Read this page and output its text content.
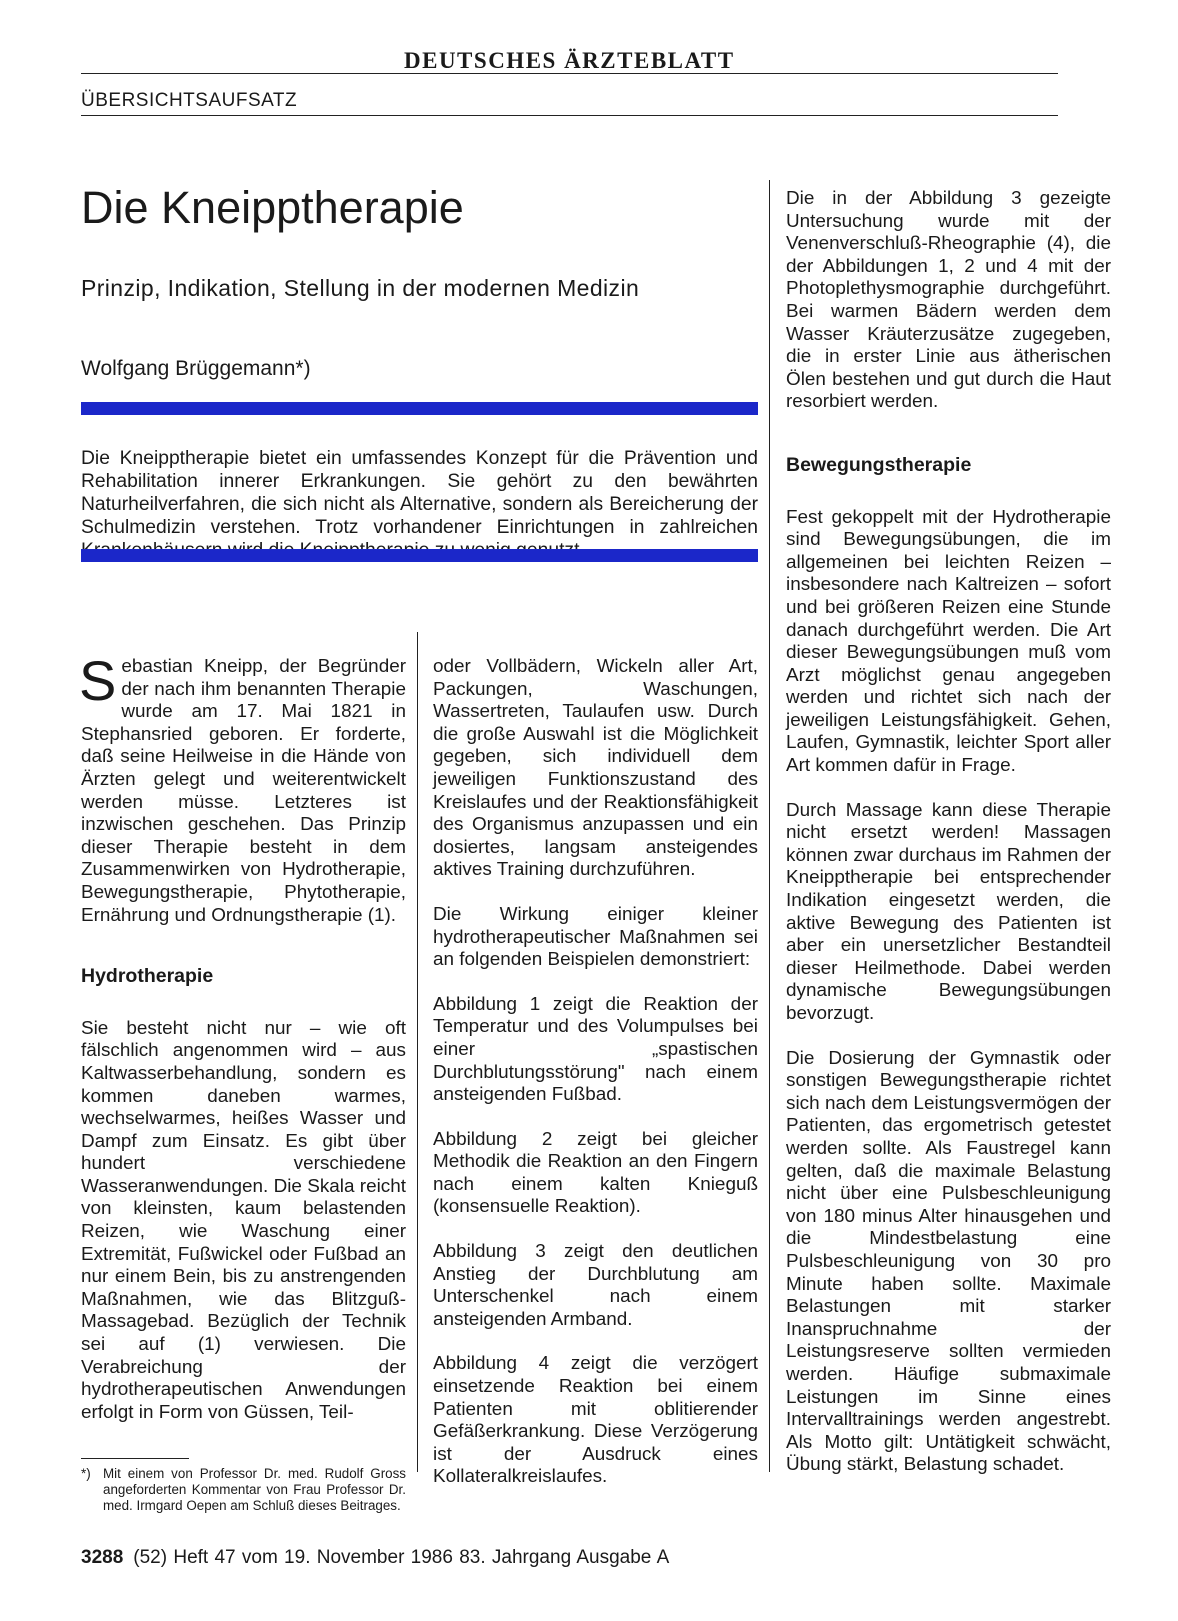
DEUTSCHES ÄRZTEBLATT
ÜBERSICHTSAUFSATZ
Die Kneipptherapie
Prinzip, Indikation, Stellung in der modernen Medizin
Wolfgang Brüggemann*)

Die Kneipptherapie bietet ein umfassendes Konzept für die Prävention und Rehabilitation innerer Erkrankungen. Sie gehört zu den bewährten Naturheilverfahren, die sich nicht als Alternative, sondern als Bereicherung der Schulmedizin verstehen. Trotz vorhandener Einrichtungen in zahlreichen

Sebastian Kneipp, der Begründer der nach ihm benannten Therapie wurde am 17. Mai 1821 in Stephansried geboren. Er forderte, daß seine Heilweise in die Hände von Ärzten gelegt und weiterentwickelt werden müsse. Letzteres ist inzwischen geschehen. Das Prinzip dieser Therapie besteht in dem Zusammenwirken von Hydrotherapie, Bewegungstherapie, Phytotherapie, Ernährung und Ordnungstherapie (1).

Hydrotherapie

Sie besteht nicht nur – wie oft fälschlich angenommen wird – aus Kaltwasserbehandlung, sondern es kommen daneben warmes, wechselwarmes, heißes Wasser und Dampf zum Einsatz. Es gibt über hundert verschiedene Wasseranwendungen. Die Skala reicht von kleinsten, kaum belastenden Reizen, wie Waschung einer Extremität, Fußwickel oder Fußbad an nur einem Bein, bis zu anstrengenden Maßnahmen, wie das Blitzguß-Massagebad. Bezüglich der Technik sei auf (1) verwiesen. Die Verabreichung der hydrotherapeutischen Anwendungen erfolgt in Form von Güssen, Teil-

oder Vollbädern, Wickeln aller Art, Packungen, Waschungen, Wassertreten, Taulaufen usw. Durch die große Auswahl ist die Möglichkeit gegeben, sich individuell dem jeweiligen Funktionszustand des Kreislaufes und der Reaktionsfähigkeit des Organismus anzupassen und ein dosiertes, langsam ansteigendes aktives Training durchzuführen.

Die Wirkung einiger kleiner hydrotherapeutischer Maßnahmen sei an folgenden Beispielen demonstriert:

Abbildung 1 zeigt die Reaktion der Temperatur und des Volumpulses bei einer „spastischen Durchblutungsstörung" nach einem ansteigenden Fußbad.

Abbildung 2 zeigt bei gleicher Methodik die Reaktion an den Fingern nach einem kalten Knieguß (konsensuelle Reaktion).

Abbildung 3 zeigt den deutlichen Anstieg der Durchblutung am Unterschenkel nach einem ansteigenden Armband.

Abbildung 4 zeigt die verzögert einsetzende Reaktion bei einem Patienten mit oblitierender Gefäßerkrankung. Diese Verzögerung ist der Ausdruck eines Kollateralkreislaufes.

Die in der Abbildung 3 gezeigte Untersuchung wurde mit der Venenverschluß-Rheographie (4), die der Abbildungen 1, 2 und 4 mit der Photoplethysmographie durchgeführt. Bei warmen Bädern werden dem Wasser Kräuterzusätze zugegeben, die in erster Linie aus ätherischen Ölen bestehen und gut durch die Haut resorbiert werden.

Bewegungstherapie

Fest gekoppelt mit der Hydrotherapie sind Bewegungsübungen, die im allgemeinen bei leichten Reizen – insbesondere nach Kaltreizen – sofort und bei größeren Reizen eine Stunde danach durchgeführt werden. Die Art dieser Bewegungsübungen muß vom Arzt möglichst genau angegeben werden und richtet sich nach der jeweiligen Leistungsfähigkeit. Gehen, Laufen, Gymnastik, leichter Sport aller Art kommen dafür in Frage.

Durch Massage kann diese Therapie nicht ersetzt werden! Massagen können zwar durchaus im Rahmen der Kneipptherapie bei entsprechender Indikation eingesetzt werden, die aktive Bewegung des Patienten ist aber ein unersetzlicher Bestandteil dieser Heilmethode. Dabei werden dynamische Bewegungsübungen bevorzugt.

Die Dosierung der Gymnastik oder sonstigen Bewegungstherapie richtet sich nach dem Leistungsvermögen der Patienten, das ergometrisch getestet werden sollte. Als Faustregel kann gelten, daß die maximale Belastung nicht über eine Pulsbeschleunigung von 180 minus Alter hinausgehen und die Mindestbelastung eine Pulsbeschleunigung von 30 pro Minute haben sollte. Maximale Belastungen mit starker Inanspruchnahme der Leistungsreserve sollten vermieden werden. Häufige submaximale Leistungen im Sinne eines Intervalltrainings werden angestrebt. Als Motto gilt: Untätigkeit schwächt, Übung stärkt, Belastung schadet.

*) Mit einem von Professor Dr. med. Rudolf Gross angeforderten Kommentar von Frau Professor Dr. med. Irmgard Oepen am Schluß dieses Beitrages.
3288 (52) Heft 47 vom 19. November 1986 83. Jahrgang Ausgabe A
